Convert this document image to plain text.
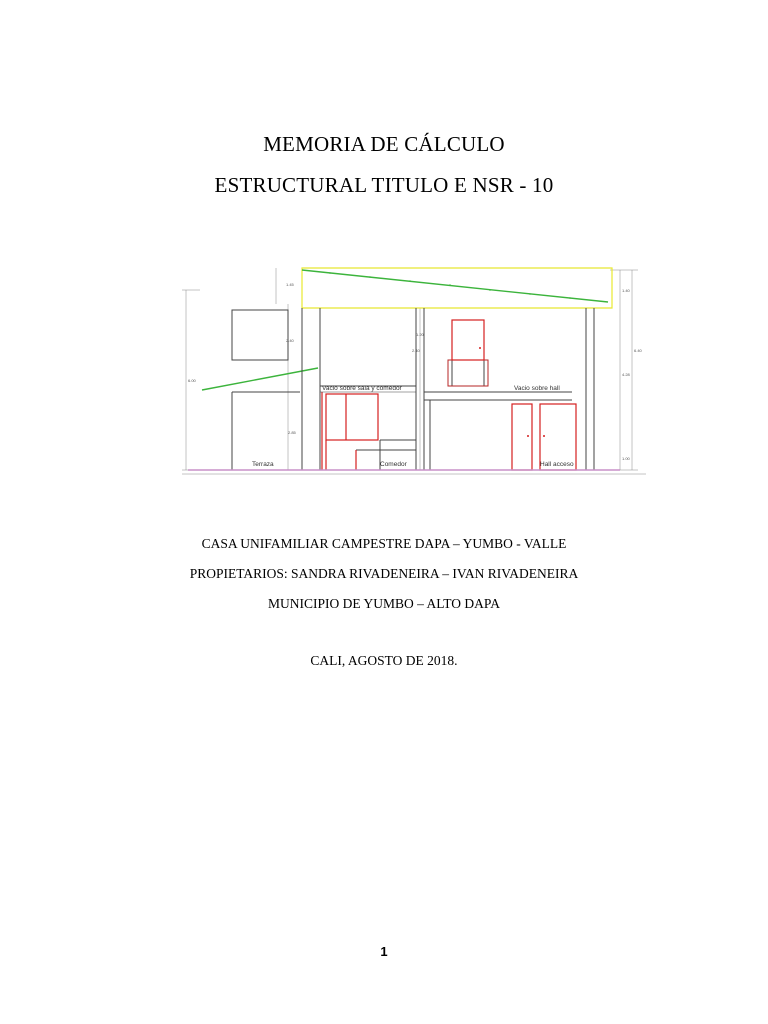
MEMORIA DE CÁLCULO
ESTRUCTURAL TITULO E NSR - 10
6.00
1.45
2.40
2.85
1.20
2.40
1.40
4.28
1.00
6.40
Terraza	Comedor	Hall acceso
Vacio sobre sala y comedor	Vacio sobre hall
CASA UNIFAMILIAR CAMPESTRE DAPA – YUMBO - VALLE
PROPIETARIOS: SANDRA RIVADENEIRA – IVAN RIVADENEIRA
MUNICIPIO DE YUMBO – ALTO DAPA
CALI, AGOSTO DE 2018.
1
